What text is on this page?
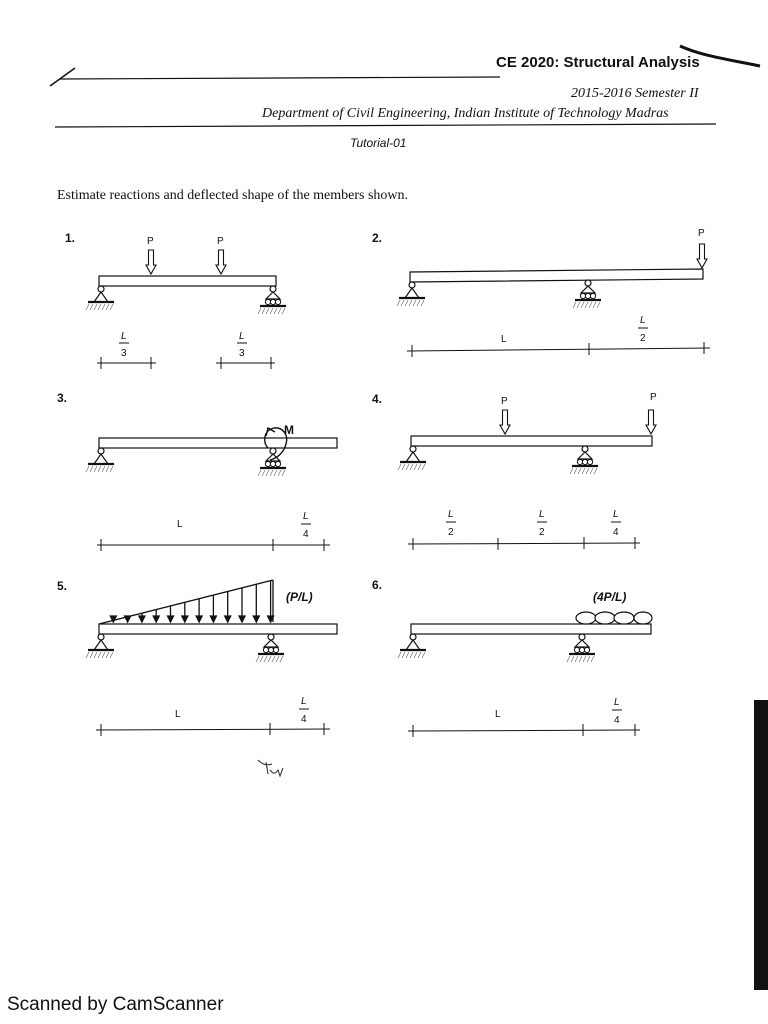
CE 2020: Structural Analysis
2015-2016 Semester II
Department of Civil Engineering, Indian Institute of Technology Madras
Tutorial-01
Estimate reactions and deflected shape of the members shown.
Scanned by CamScanner
1.	P	P
L
3
L
3
2.	P
L
L
2
3.
M
L
L
4
4.	P	P
L
2
L
2
L
4
5.
(P/L)
L
L
4
6.
(4P/L)
L
L
4
